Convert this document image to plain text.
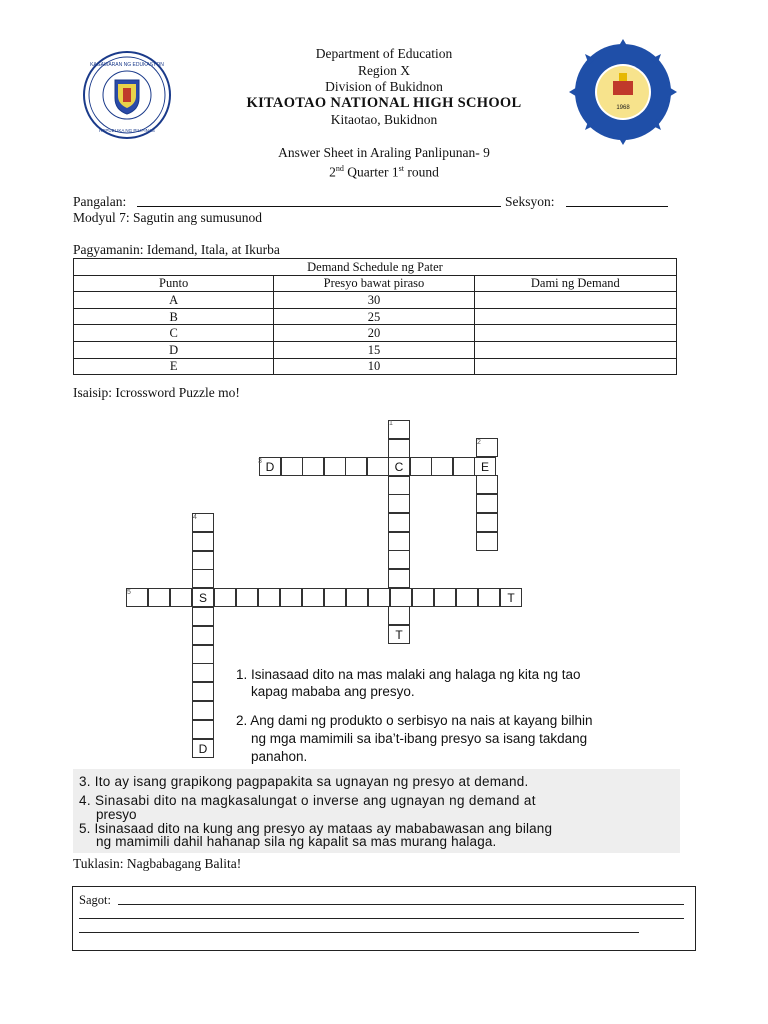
KAGAWARAN NG EDUKASYON
REPUBLIKA NG PILIPINAS
1968
Department of Education
Region X
Division of Bukidnon
KITAOTAO NATIONAL HIGH SCHOOL
Kitaotao, Bukidnon
Answer Sheet in Araling Panlipunan- 9
2nd Quarter 1st round
Pangalan:	Seksyon:
Modyul 7: Sagutin ang sumusunod
Pagyamanin: Idemand, Itala, at Ikurba
Demand Schedule ng Pater		
Punto	Presyo bawat piraso	Dami ng Demand
A	30	
B	25	
C	20	
D	15	
E	10	
Isaisip: Icrossword Puzzle mo!
D	C	E
T
D
S	T
1
2
3
4
5
1. Isinasaad dito na mas malaki ang halaga ng kita ng tao
kapag mababa ang presyo.
2. Ang dami ng produkto o serbisyo na nais at kayang bilhin
ng mga mamimili sa iba’t-ibang presyo sa isang takdang
panahon.
3. Ito ay isang grapikong pagpapakita sa ugnayan ng presyo at demand.
4. Sinasabi dito na magkasalungat o inverse ang ugnayan ng demand at
presyo
5. Isinasaad dito na kung ang presyo ay mataas ay mababawasan ang bilang
ng mamimili dahil hahanap sila ng kapalit sa mas murang halaga.
Tuklasin: Nagbabagang Balita!
Sagot:
